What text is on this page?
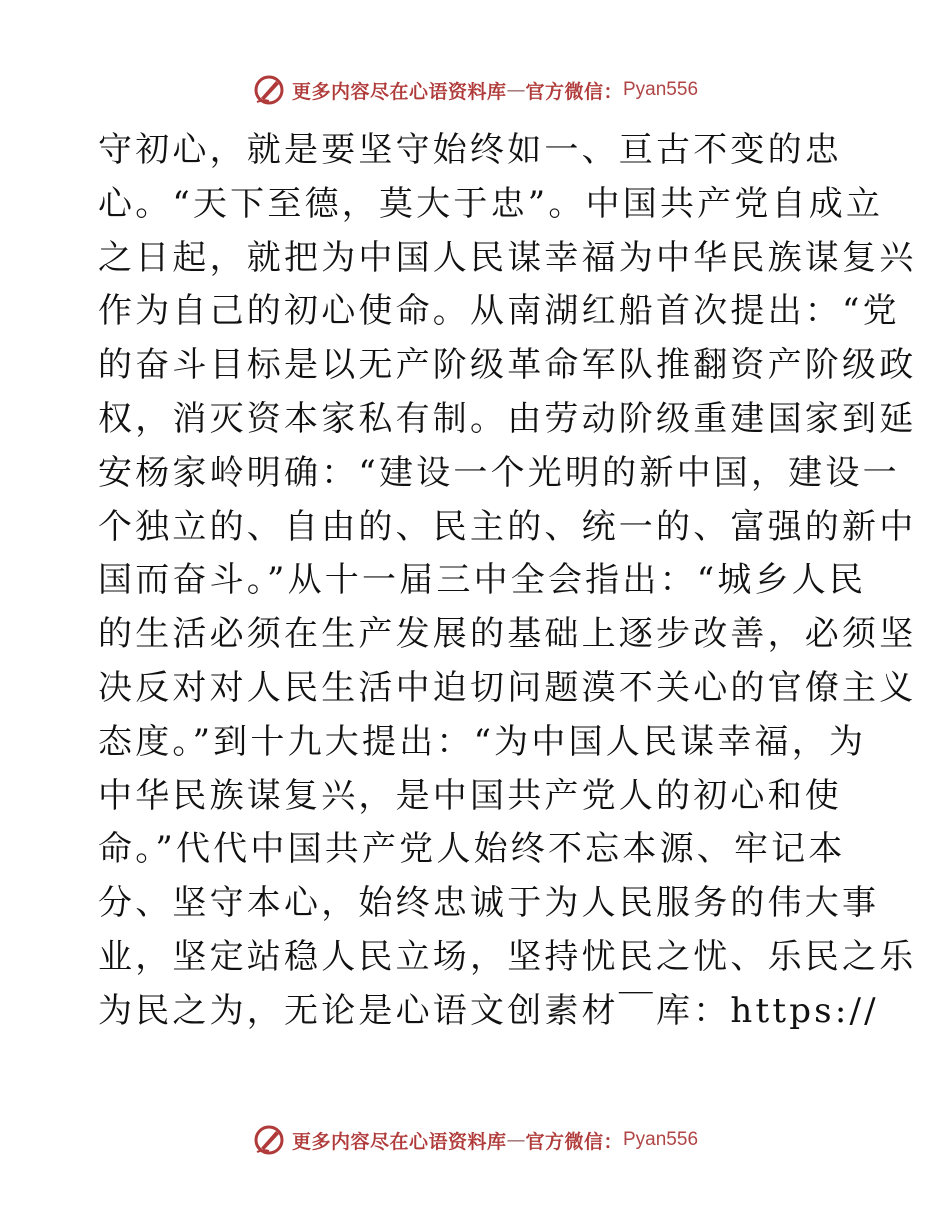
更多内容尽在心语资料库 — 官方微信： Pyan556
守初心，就是要坚守始终如一、亘古不变的忠
心。“天下至德，莫大于忠”。中国共产党自成立
之日起，就把为中国人民谋幸福为中华民族谋复兴
作为自己的初心使命。从南湖红船首次提出：“党
的奋斗目标是以无产阶级革命军队推翻资产阶级政
权，消灭资本家私有制。由劳动阶级重建国家到延
安杨家岭明确：“建设一个光明的新中国，建设一
个独立的、自由的、民主的、统一的、富强的新中
国而奋斗。”从十一届三中全会指出：“城乡人民
的生活必须在生产发展的基础上逐步改善，必须坚
决反对对人民生活中迫切问题漠不关心的官僚主义
态度。”到十九大提出：“为中国人民谋幸福，为
中华民族谋复兴，是中国共产党人的初心和使
命。”代代中国共产党人始终不忘本源、牢记本
分、坚守本心，始终忠诚于为人民服务的伟大事
业，坚定站稳人民立场，坚持忧民之忧、乐民之乐
为民之为，无论是心语文创素材￣库：https://
更多内容尽在心语资料库 — 官方微信： Pyan556
